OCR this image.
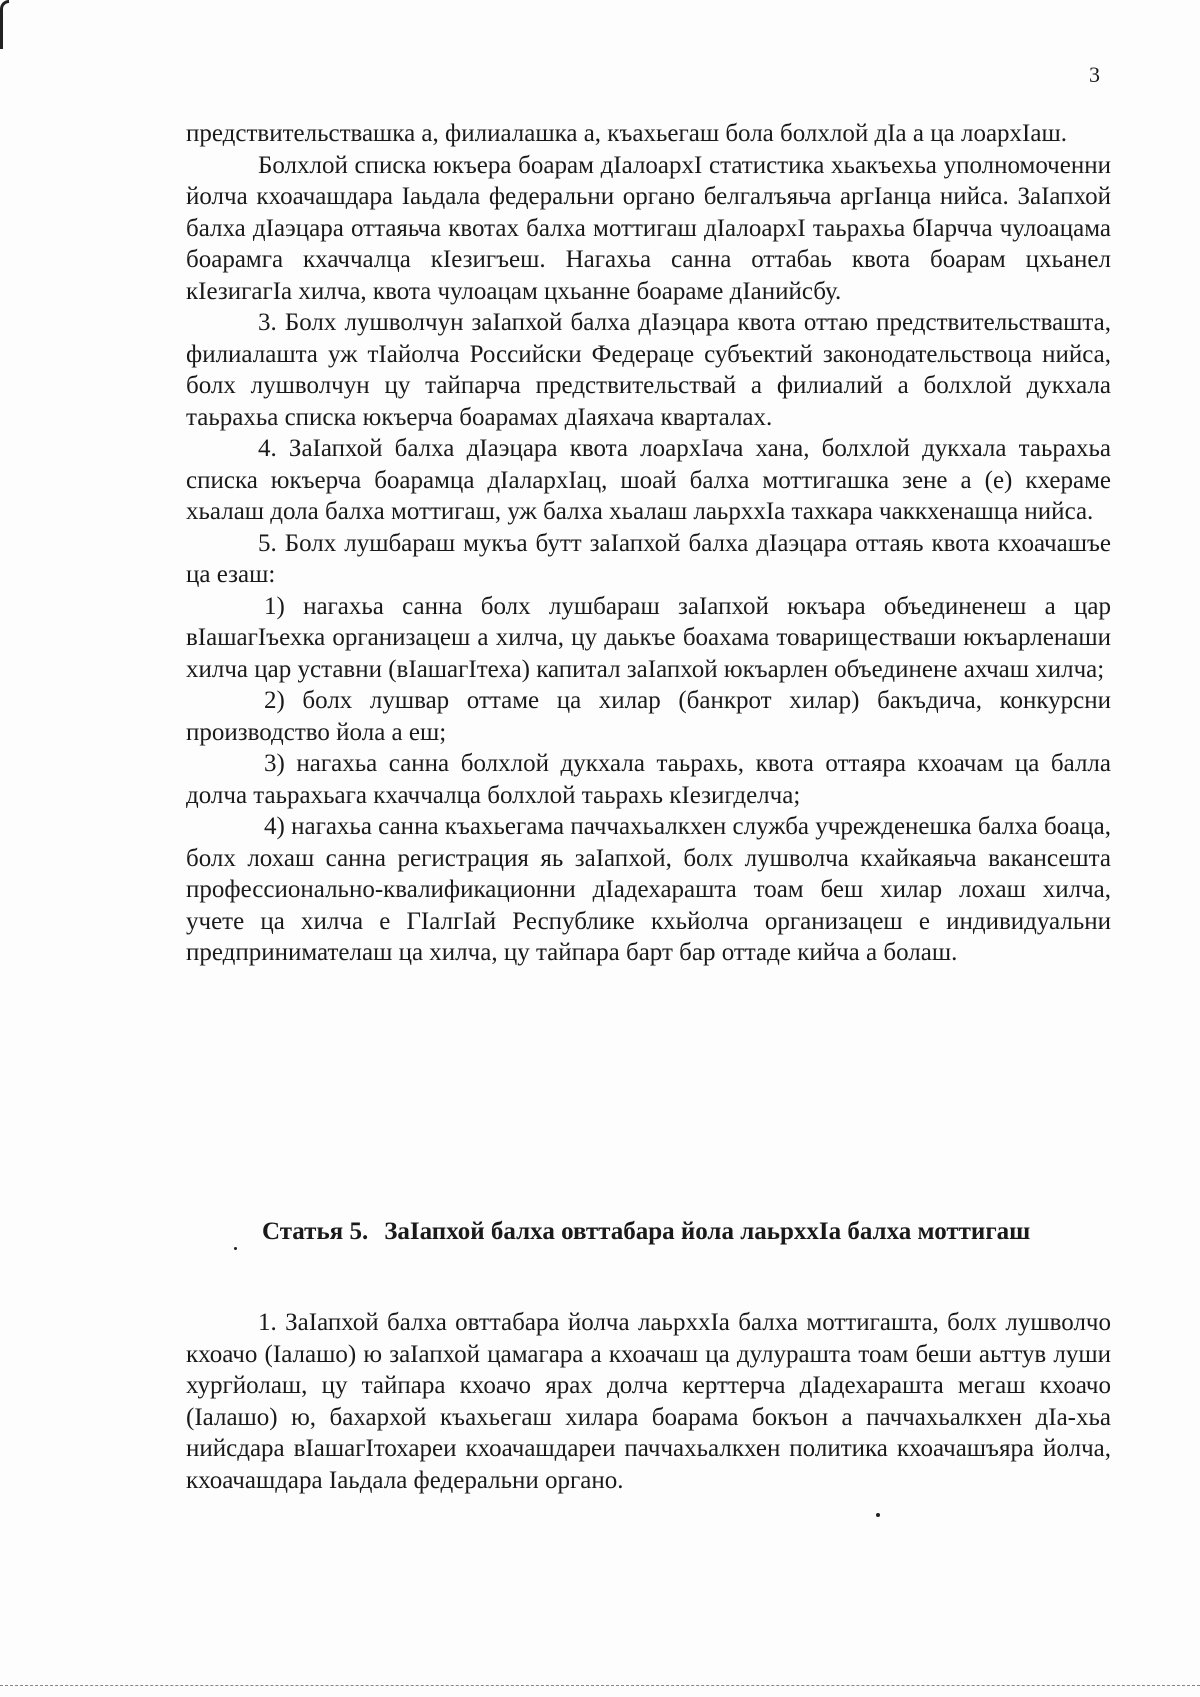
3

предствительствашка а, филиалашка а, къахьегаш бола болхлой дIа а ца лоархIаш.

Болхлой списка юкъера боарам дIалоархI статистика хьакъехьа уполномоченни йолча кхоачашдара Iаьдала федеральни органо белгалъяьча аргIанца нийса. ЗаIапхой балха дIаэцара оттаяьча квотах балха моттигаш дIалоархI таьрахьа бIарчча чулоацама боарамга кхаччалца кIезигъеш. Нагахьа санна оттабаь квота боарам цхьанел кIезигагIа хилча, квота чулоацам цхьанне боараме дIанийсбу.

3. Болх лушволчун заIапхой балха дIаэцара квота оттаю предствительствашта, филиалашта уж тIайолча Российски Федераце субъектий законодательствоца нийса, болх лушволчун цу тайпарча предствительствай а филиалий а болхлой дукхала таьрахьа списка юкъерча боарамах дIаяхача кварталах.

4. ЗаIапхой балха дIаэцара квота лоархIача хана, болхлой дукхала таьрахьа списка юкъерча боарамца дIалархIац, шоай балха моттигашка зене а (е) кхераме хьалаш дола балха моттигаш, уж балха хьалаш лаьрххIа тахкара чаккхенашца нийса.

5. Болх лушбараш мукъа бутт заIапхой балха дIаэцара оттаяь квота кхоачашъе ца езаш:

1) нагахьа санна болх лушбараш заIапхой юкъара объединенеш а цар вIашагIъехка организацеш а хилча, цу даькъе боахама товариществаши юкъарленаши хилча цар уставни (вIашагIтеха) капитал заIапхой юкъарлен объединене ахчаш хилча;

2) болх лушвар оттаме ца хилар (банкрот хилар) бакъдича, конкурсни производство йола а еш;

3) нагахьа санна болхлой дукхала таьрахь, квота оттаяра кхоачам ца балла долча таьрахьага кхаччалца болхлой таьрахь кIезигделча;

4) нагахьа санна къахьегама паччахьалкхен служба учрежденешка балха боаца, болх лохаш санна регистрация яь заIапхой, болх лушволча кхайкаяьча вакансешта профессионально-квалификационни дIадехарашта тоам беш хилар лохаш хилча, учете ца хилча е ГIалгIай Республике кхьйолча организацеш е индивидуальни предпринимателаш ца хилча, цу тайпара барт бар оттаде кийча а болаш.

Статья 5. ЗаIапхой балха овттабара йола лаьрххIа балха моттигаш

1. ЗаIапхой балха овттабара йолча лаьрххIа балха моттигашта, болх лушволчо кхоачо (Iалашо) ю заIапхой цамагара а кхоачаш ца дулурашта тоам беши аьттув луши хургйолаш, цу тайпара кхоачо ярах долча керттерча дIадехарашта мегаш кхоачо (Iалашо) ю, бахархой къахьегаш хилара боарама бокъон а паччахьалкхен дIа-хьа нийсдара вIашагIтохареи кхоачашдареи паччахьалкхен политика кхоачашъяра йолча, кхоачашдара Iаьдала федеральни органо.
